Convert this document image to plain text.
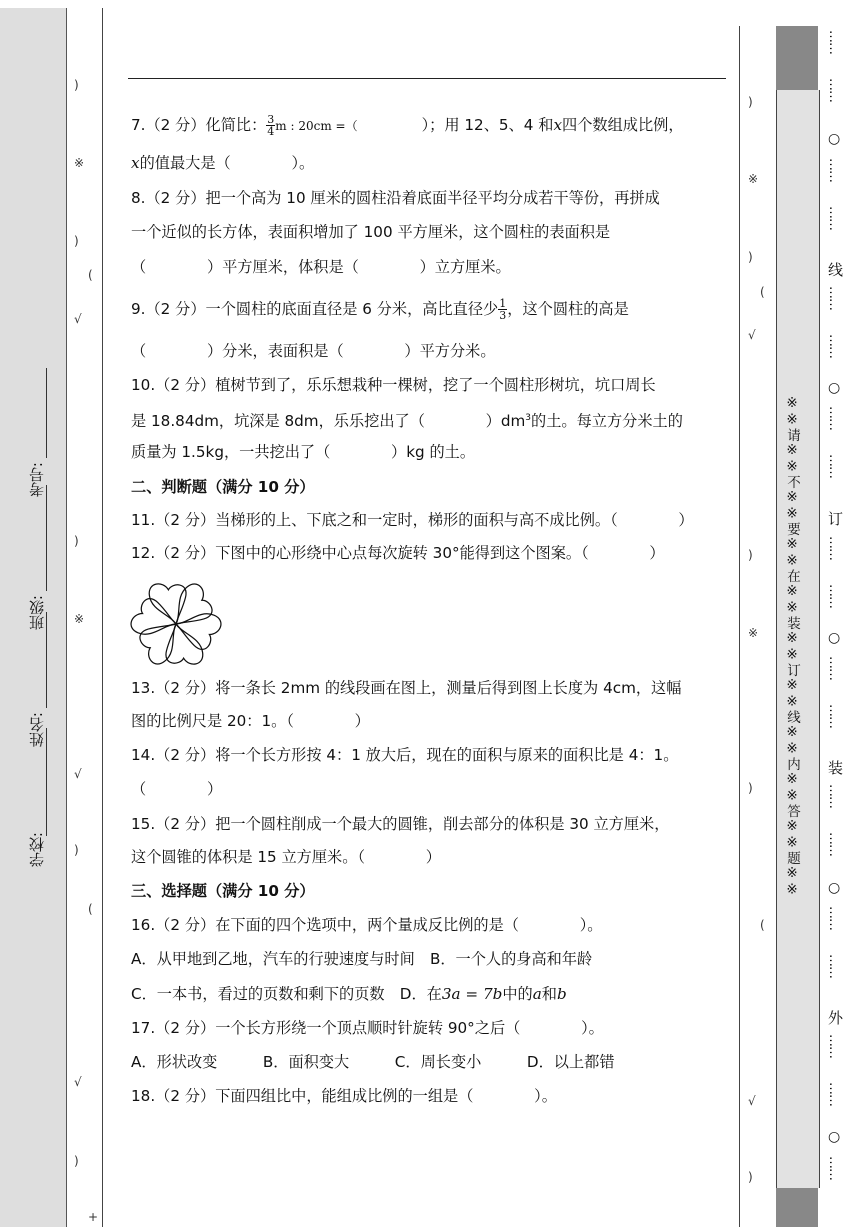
学校:
姓名:
班级:
考号:
)
※
)
(
√
)
※
√
)
(
√
)
+
※※请※※不※※要※※在※※装※※订※※线※※内※※答※※题※※
……
……
○
……
……
线
……
……
○
……
……
订
……
……
○
……
……
装
……
……
○
……
……
外
……
……
○
……
)
※
)
(
√
)
※
)
(
√
)
7.（2 分）化简比： $\frac{3}{4}$ m : 20cm =（	）；用 12、5、4 和x四个数组成比例，
x的值最大是（　　　　）。
8.（2 分）把一个高为 10 厘米的圆柱沿着底面半径平均分成若干等份，再拼成
一个近似的长方体，表面积增加了 100 平方厘米，这个圆柱的表面积是
（　　　　）平方厘米，体积是（　　　　）立方厘米。
9.（2 分）一个圆柱的底面直径是 6 分米，高比直径少 $\frac{1}{3}$ ，这个圆柱的高是
（　　　　）分米，表面积是（　　　　）平方分米。
10.（2 分）植树节到了，乐乐想栽种一棵树，挖了一个圆柱形树坑，坑口周长
是 18.84dm，坑深是 8dm，乐乐挖出了（　　　　）$dm^3$的土。每立方分米土的
质量为 1.5kg，一共挖出了（　　　　）kg 的土。
二、判断题（满分 10 分）
11.（2 分）当梯形的上、下底之和一定时，梯形的面积与高不成比例。（　　　　）
12.（2 分）下图中的心形绕中心点每次旋转 30°能得到这个图案。（　　　　）
13.（2 分）将一条长 2mm 的线段画在图上，测量后得到图上长度为 4cm，这幅
图的比例尺是 20：1。（　　　　）
14.（2 分）将一个长方形按 4：1 放大后，现在的面积与原来的面积比是 4：1。
（　　　　）
15.（2 分）把一个圆柱削成一个最大的圆锥，削去部分的体积是 30 立方厘米，
这个圆锥的体积是 15 立方厘米。（　　　　）
三、选择题（满分 10 分）
16.（2 分）在下面的四个选项中，两个量成反比例的是（　　　　）。
A．从甲地到乙地，汽车的行驶速度与时间　B．一个人的身高和年龄
C．一本书，看过的页数和剩下的页数　D．在3a = 7b中的a和b
17.（2 分）一个长方形绕一个顶点顺时针旋转 90°之后（　　　　）。
A．形状改变　　　B．面积变大　　　C．周长变小　　　D．以上都错
18.（2 分）下面四组比中，能组成比例的一组是（　　　　）。
